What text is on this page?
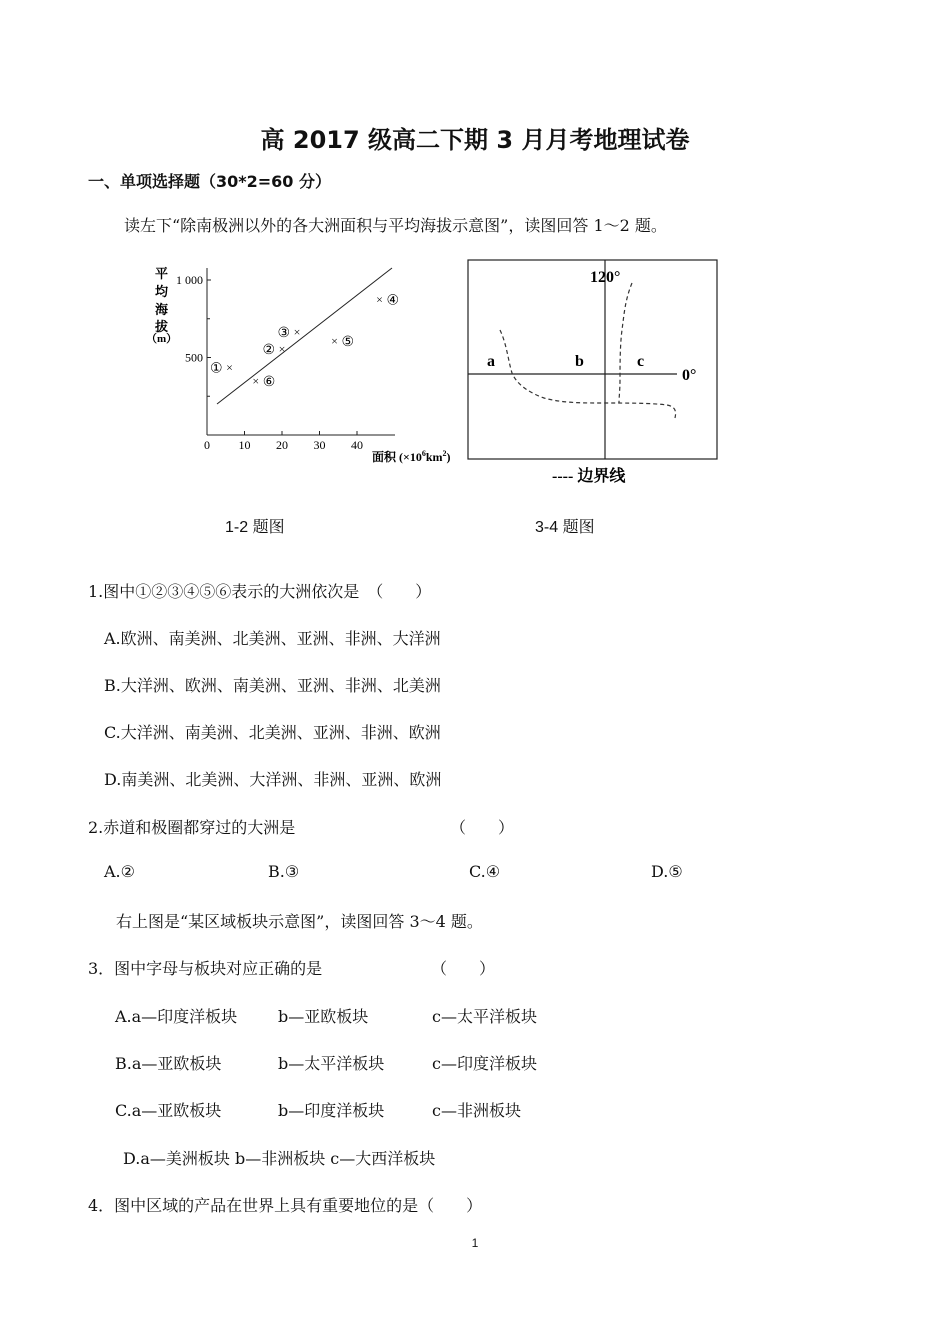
高 2017 级高二下期 3 月月考地理试卷
一、单项选择题（30*2=60 分）
读左下“除南极洲以外的各大洲面积与平均海拔示意图”，读图回答 1～2 题。
平
均
海
拔
（m）
1 000
500
0 10 20 30 40
×
①
×
②
×
③
× ④
× ⑤
× ⑥
面积 $(\times 10^6km^2)$
120°
0°
a	b	c
---- 边界线
1-2 题图	3-4 题图
1.图中①②③④⑤⑥表示的大洲依次是　（　　）
A.欧洲、南美洲、北美洲、亚洲、非洲、大洋洲
B.大洋洲、欧洲、南美洲、亚洲、非洲、北美洲
C.大洋洲、南美洲、北美洲、亚洲、非洲、欧洲
D.南美洲、北美洲、大洋洲、非洲、亚洲、欧洲
2.赤道和极圈都穿过的大洲是	（　　）
A.②	B.③	C.④	D.⑤
右上图是“某区域板块示意图”，读图回答 3～4 题。
3．图中字母与板块对应正确的是	（　　）
A.a—印度洋板块	b—亚欧板块	c—太平洋板块
B.a—亚欧板块	b—太平洋板块	c—印度洋板块
C.a—亚欧板块	b—印度洋板块	c—非洲板块
D.a—美洲板块 b—非洲板块 c—大西洋板块
4．图中区域的产品在世界上具有重要地位的是（　　）
1
